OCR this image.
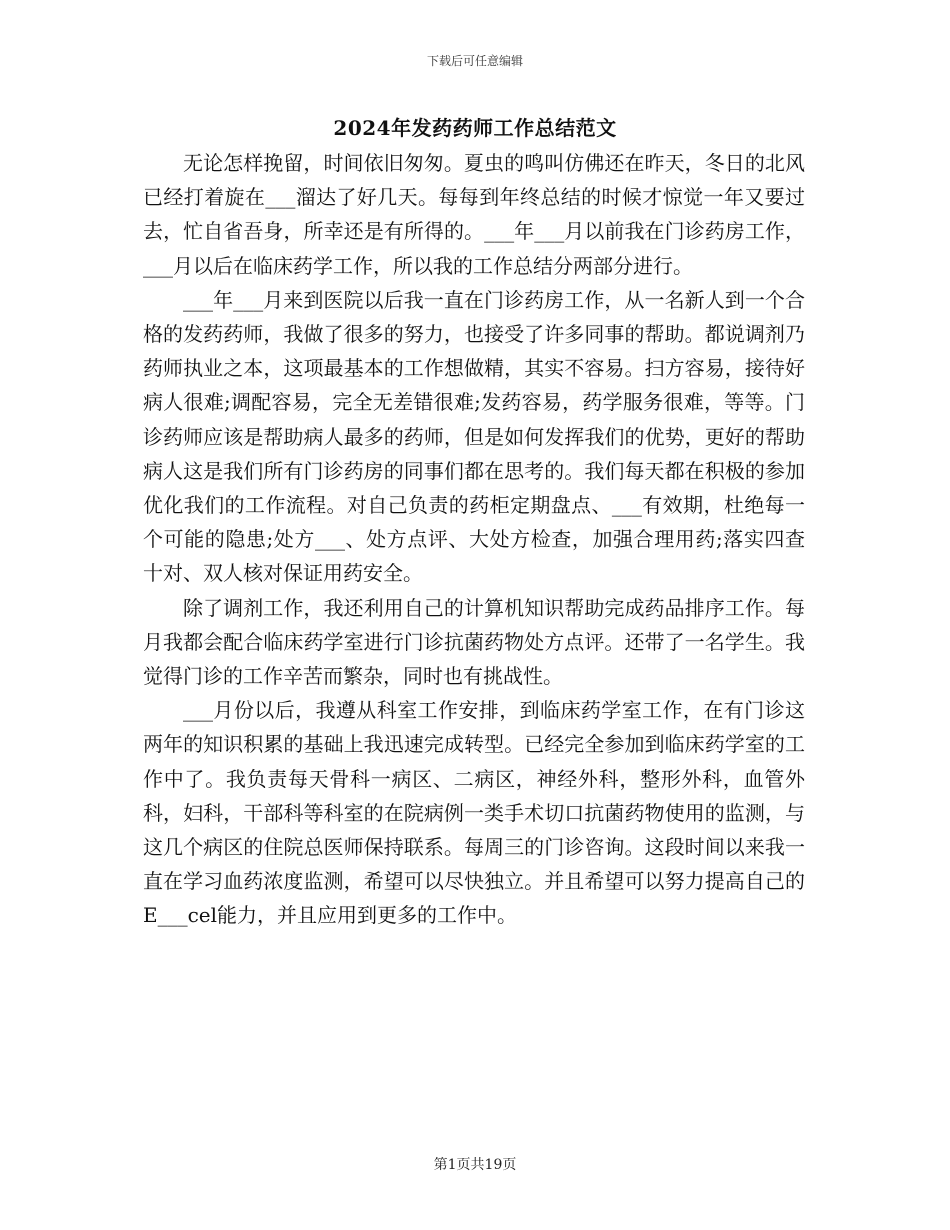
下载后可任意编辑
2024年发药药师工作总结范文

无论怎样挽留，时间依旧匆匆。夏虫的鸣叫仿佛还在昨天，冬日的北风已经打着旋在___溜达了好几天。每每到年终总结的时候才惊觉一年又要过去，忙自省吾身，所幸还是有所得的。___年___月以前我在门诊药房工作，___月以后在临床药学工作，所以我的工作总结分两部分进行。

___年___月来到医院以后我一直在门诊药房工作，从一名新人到一个合格的发药药师，我做了很多的努力，也接受了许多同事的帮助。都说调剂乃药师执业之本，这项最基本的工作想做精，其实不容易。扫方容易，接待好病人很难;调配容易，完全无差错很难;发药容易，药学服务很难，等等。门诊药师应该是帮助病人最多的药师，但是如何发挥我们的优势，更好的帮助病人这是我们所有门诊药房的同事们都在思考的。我们每天都在积极的参加优化我们的工作流程。对自己负责的药柜定期盘点、___有效期，杜绝每一个可能的隐患;处方___、处方点评、大处方检查，加强合理用药;落实四查十对、双人核对保证用药安全。

除了调剂工作，我还利用自己的计算机知识帮助完成药品排序工作。每月我都会配合临床药学室进行门诊抗菌药物处方点评。还带了一名学生。我觉得门诊的工作辛苦而繁杂，同时也有挑战性。

___月份以后，我遵从科室工作安排，到临床药学室工作，在有门诊这两年的知识积累的基础上我迅速完成转型。已经完全参加到临床药学室的工作中了。我负责每天骨科一病区、二病区，神经外科，整形外科，血管外科，妇科，干部科等科室的在院病例一类手术切口抗菌药物使用的监测，与这几个病区的住院总医师保持联系。每周三的门诊咨询。这段时间以来我一直在学习血药浓度监测，希望可以尽快独立。并且希望可以努力提高自己的E___cel能力，并且应用到更多的工作中。

第1页共19页
